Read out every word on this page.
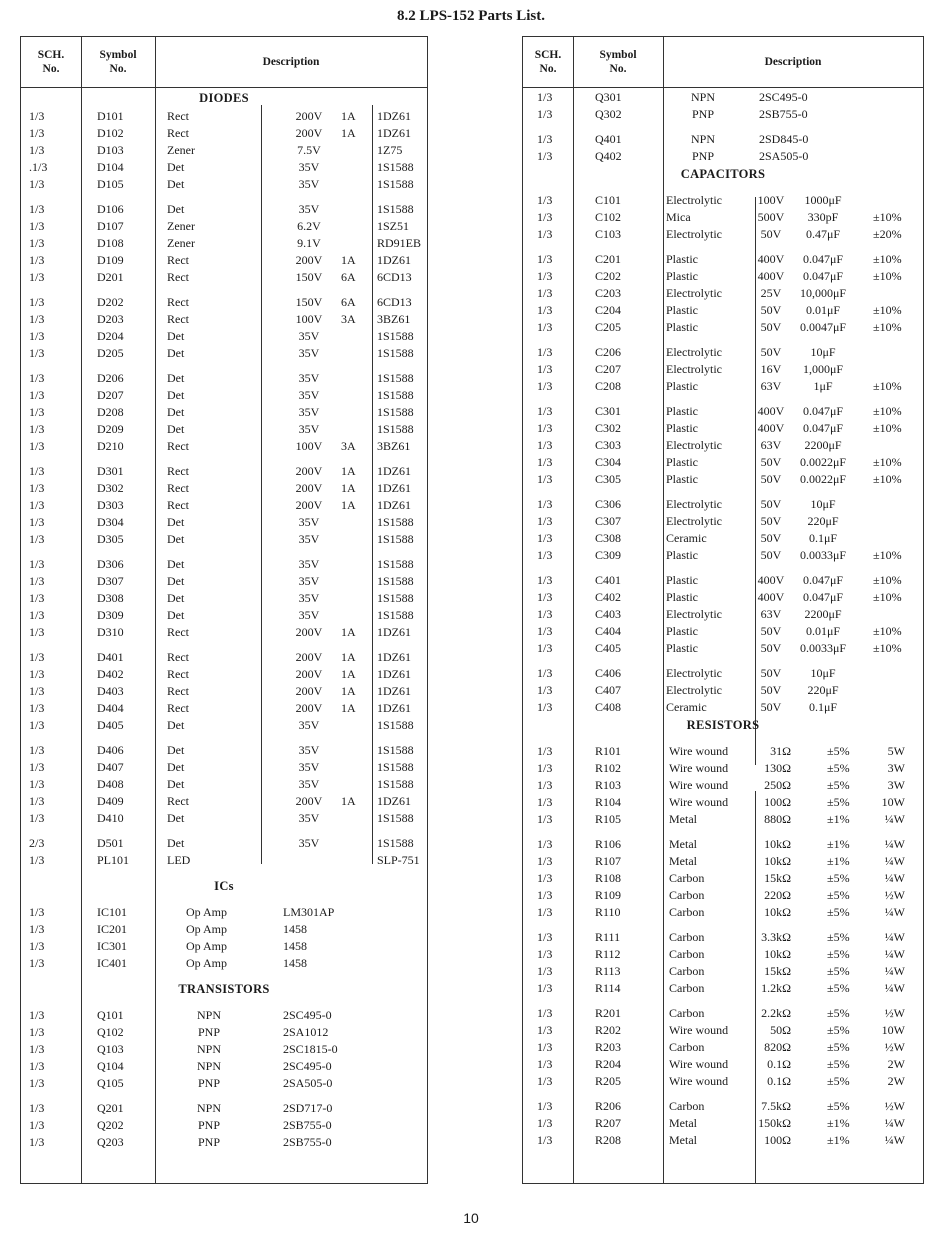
8.2 LPS-152 Parts List.
SCH.
No.
Symbol
No.
Description
DIODES
1/3	D101	Rect	200V 1A 1DZ61
1/3	D102	Rect	200V 1A 1DZ61
1/3	D103	Zener	7.5V	1Z75
.1/3	D104	Det	35V	1S1588
1/3	D105	Det	35V	1S1588
1/3	D106	Det	35V	1S1588
1/3	D107	Zener	6.2V	1SZ51
1/3	D108	Zener	9.1V	RD91EB
1/3	D109	Rect	200V 1A 1DZ61
1/3	D201	Rect	150V 6A 6CD13
1/3	D202	Rect	150V 6A 6CD13
1/3	D203	Rect	100V 3A 3BZ61
1/3	D204	Det	35V	1S1588
1/3	D205	Det	35V	1S1588
1/3	D206	Det	35V	1S1588
1/3	D207	Det	35V	1S1588
1/3	D208	Det	35V	1S1588
1/3	D209	Det	35V	1S1588
1/3	D210	Rect	100V 3A 3BZ61
1/3	D301	Rect	200V 1A 1DZ61
1/3	D302	Rect	200V 1A 1DZ61
1/3	D303	Rect	200V 1A 1DZ61
1/3	D304	Det	35V	1S1588
1/3	D305	Det	35V	1S1588
1/3	D306	Det	35V	1S1588
1/3	D307	Det	35V	1S1588
1/3	D308	Det	35V	1S1588
1/3	D309	Det	35V	1S1588
1/3	D310	Rect	200V 1A 1DZ61
1/3	D401	Rect	200V 1A 1DZ61
1/3	D402	Rect	200V 1A 1DZ61
1/3	D403	Rect	200V 1A 1DZ61
1/3	D404	Rect	200V 1A 1DZ61
1/3	D405	Det	35V	1S1588
1/3	D406	Det	35V	1S1588
1/3	D407	Det	35V	1S1588
1/3	D408	Det	35V	1S1588
1/3	D409	Rect	200V 1A 1DZ61
1/3	D410	Det	35V	1S1588
2/3	D501	Det	35V	1S1588
1/3	PL101	LED	SLP-751
ICs
1/3	IC101	Op Amp	LM301AP
1/3	IC201	Op Amp	1458
1/3	IC301	Op Amp	1458
1/3	IC401	Op Amp	1458
TRANSISTORS
1/3	Q101	NPN	2SC495-0
1/3	Q102	PNP	2SA1012
1/3	Q103	NPN	2SC1815-0
1/3	Q104	NPN	2SC495-0
1/3	Q105	PNP	2SA505-0
1/3	Q201	NPN	2SD717-0
1/3	Q202	PNP	2SB755-0
1/3	Q203	PNP	2SB755-0
SCH.
No.
Symbol
No.
Description
1/3	Q301	NPN	2SC495-0
1/3	Q302	PNP	2SB755-0
1/3	Q401	NPN	2SD845-0
1/3	Q402	PNP	2SA505-0
CAPACITORS
1/3	C101	Electrolytic	100V 1000μF
1/3	C102	Mica	500V 330pF	±10%
1/3	C103	Electrolytic	50V 0.47μF	±20%
1/3	C201	Plastic	400V 0.047μF ±10%
1/3	C202	Plastic	400V 0.047μF ±10%
1/3	C203	Electrolytic	25V 10,000μF
1/3	C204	Plastic	50V 0.01μF	±10%
1/3	C205	Plastic	50V 0.0047μF ±10%
1/3	C206	Electrolytic	50V 10μF
1/3	C207	Electrolytic	16V 1,000μF
1/3	C208	Plastic	63V	1μF	±10%
1/3	C301	Plastic	400V 0.047μF ±10%
1/3	C302	Plastic	400V 0.047μF ±10%
1/3	C303	Electrolytic	63V 2200μF
1/3	C304	Plastic	50V 0.0022μF ±10%
1/3	C305	Plastic	50V 0.0022μF ±10%
1/3	C306	Electrolytic	50V 10μF
1/3	C307	Electrolytic	50V 220μF
1/3	C308	Ceramic	50V 0.1μF
1/3	C309	Plastic	50V 0.0033μF ±10%
1/3	C401	Plastic	400V 0.047μF ±10%
1/3	C402	Plastic	400V 0.047μF ±10%
1/3	C403	Electrolytic	63V 2200μF
1/3	C404	Plastic	50V 0.01μF	±10%
1/3	C405	Plastic	50V 0.0033μF ±10%
1/3	C406	Electrolytic	50V 10μF
1/3	C407	Electrolytic	50V 220μF
1/3	C408	Ceramic	50V 0.1μF
RESISTORS
1/3	R101	Wire wound	31Ω	±5%	5W
1/3	R102	Wire wound	130Ω	±5%	3W
1/3	R103	Wire wound	250Ω	±5%	3W
1/3	R104	Wire wound	100Ω	±5%	10W
1/3	R105	Metal	880Ω	±1%	¼W
1/3	R106	Metal	10kΩ	±1%	¼W
1/3	R107	Metal	10kΩ	±1%	¼W
1/3	R108	Carbon	15kΩ	±5%	¼W
1/3	R109	Carbon	220Ω	±5%	½W
1/3	R110	Carbon	10kΩ	±5%	¼W
1/3	R111	Carbon	3.3kΩ	±5%	¼W
1/3	R112	Carbon	10kΩ	±5%	¼W
1/3	R113	Carbon	15kΩ	±5%	¼W
1/3	R114	Carbon	1.2kΩ	±5%	¼W
1/3	R201	Carbon	2.2kΩ	±5%	½W
1/3	R202	Wire wound	50Ω	±5%	10W
1/3	R203	Carbon	820Ω	±5%	½W
1/3	R204	Wire wound	0.1Ω	±5%	2W
1/3	R205	Wire wound	0.1Ω	±5%	2W
1/3	R206	Carbon	7.5kΩ	±5%	½W
1/3	R207	Metal	150kΩ	±1%	¼W
1/3	R208	Metal	100Ω	±1%	¼W
10
